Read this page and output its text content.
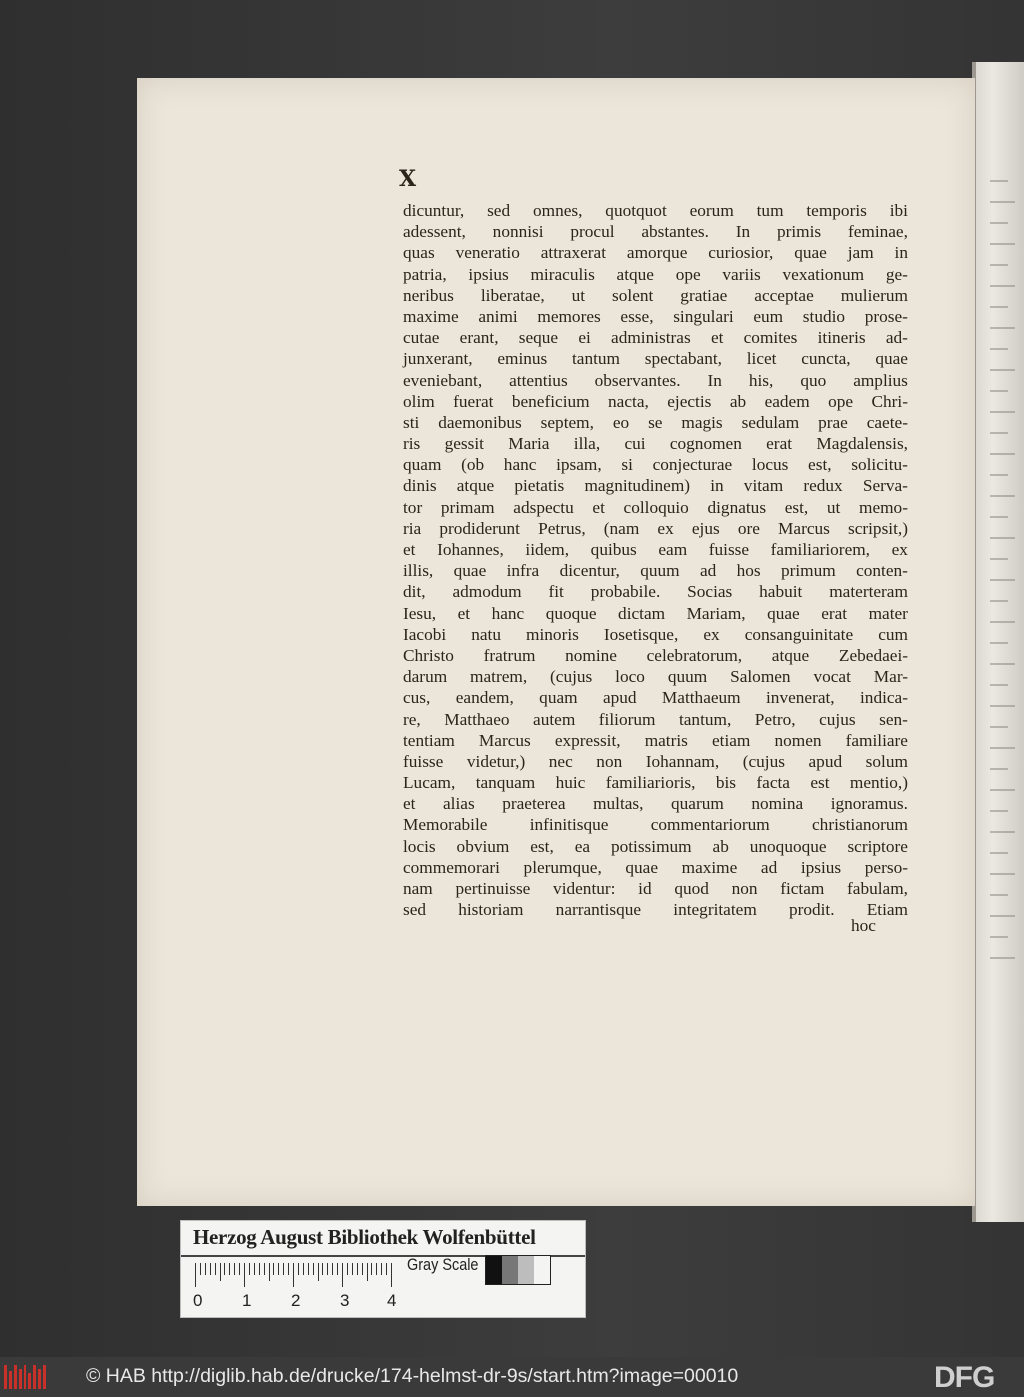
X
dicuntur, sed omnes, quotquot eorum tum temporis ibi
adessent, nonnisi procul abstantes. In primis feminae,
quas veneratio attraxerat amorque curiosior, quae jam in
patria, ipsius miraculis atque ope variis vexationum ge-
neribus liberatae, ut solent gratiae acceptae mulierum
maxime animi memores esse, singulari eum studio prose-
cutae erant, seque ei administras et comites itineris ad-
junxerant, eminus tantum spectabant, licet cuncta, quae
eveniebant, attentius observantes. In his, quo amplius
olim fuerat beneficium nacta, ejectis ab eadem ope Chri-
sti daemonibus septem, eo se magis sedulam prae caete-
ris gessit Maria illa, cui cognomen erat Magdalensis,
quam (ob hanc ipsam, si conjecturae locus est, solicitu-
dinis atque pietatis magnitudinem) in vitam redux Serva-
tor primam adspectu et colloquio dignatus est, ut memo-
ria prodiderunt Petrus, (nam ex ejus ore Marcus scripsit,)
et Iohannes, iidem, quibus eam fuisse familiariorem, ex
illis, quae infra dicentur, quum ad hos primum conten-
dit, admodum fit probabile. Socias habuit materteram
Iesu, et hanc quoque dictam Mariam, quae erat mater
Iacobi natu minoris Iosetisque, ex consanguinitate cum
Christo fratrum nomine celebratorum, atque Zebedaei-
darum matrem, (cujus loco quum Salomen vocat Mar-
cus, eandem, quam apud Matthaeum invenerat, indica-
re, Matthaeo autem filiorum tantum, Petro, cujus sen-
tentiam Marcus expressit, matris etiam nomen familiare
fuisse videtur,) nec non Iohannam, (cujus apud solum
Lucam, tanquam huic familiarioris, bis facta est mentio,)
et alias praeterea multas, quarum nomina ignoramus.
Memorabile infinitisque commentariorum christianorum
locis obvium est, ea potissimum ab unoquoque scriptore
commemorari plerumque, quae maxime ad ipsius perso-
nam pertinuisse videntur: id quod non fictam fabulam,
sed historiam narrantisque integritatem prodit. Etiam
hoc
Herzog August Bibliothek Wolfenbüttel
0 1 2 3 4
Gray Scale
© HAB http://diglib.hab.de/drucke/174-helmst-dr-9s/start.htm?image=00010	DFG
